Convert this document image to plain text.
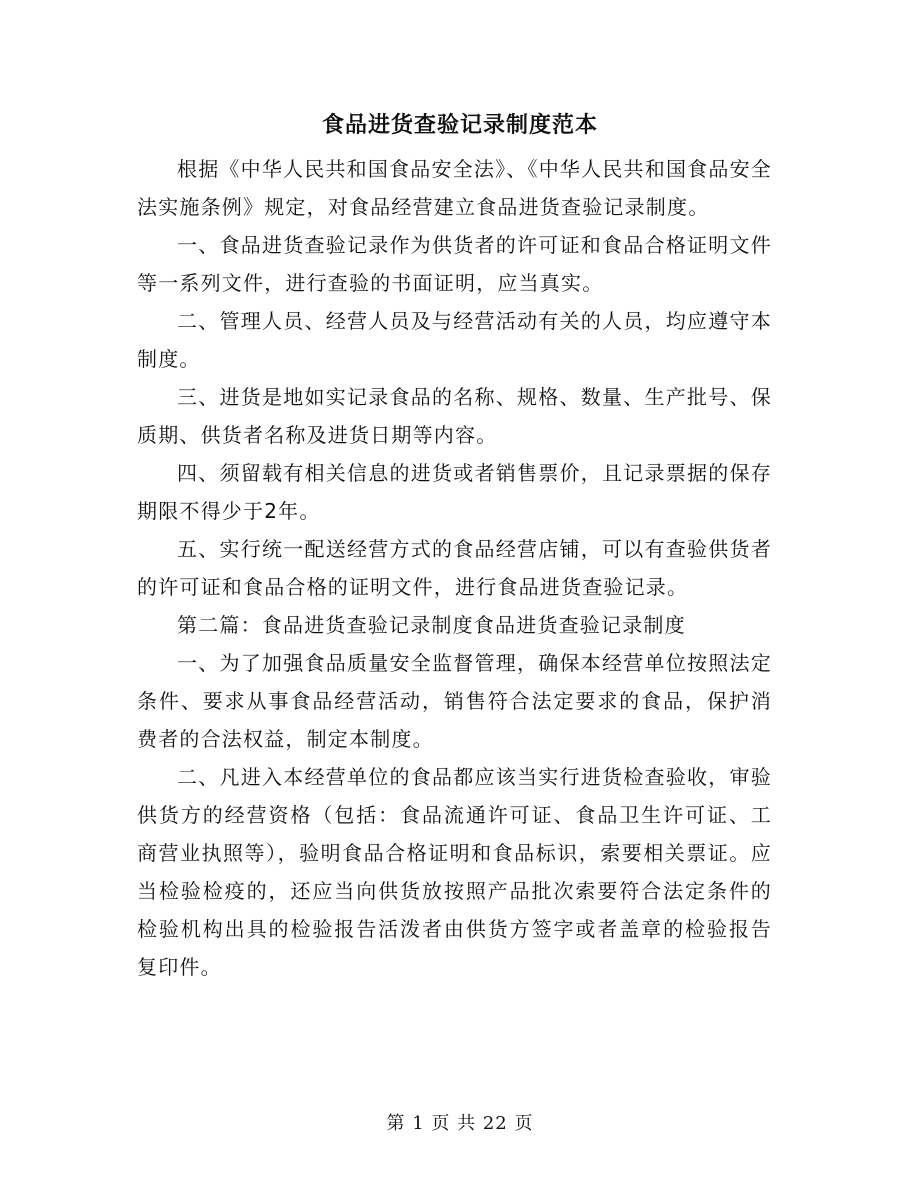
食品进货查验记录制度范本

根据《中华人民共和国食品安全法》、《中华人民共和国食品安全法实施条例》规定，对食品经营建立食品进货查验记录制度。

一、食品进货查验记录作为供货者的许可证和食品合格证明文件等一系列文件，进行查验的书面证明，应当真实。

二、管理人员、经营人员及与经营活动有关的人员，均应遵守本制度。

三、进货是地如实记录食品的名称、规格、数量、生产批号、保质期、供货者名称及进货日期等内容。

四、须留载有相关信息的进货或者销售票价，且记录票据的保存期限不得少于2年。

五、实行统一配送经营方式的食品经营店铺，可以有查验供货者的许可证和食品合格的证明文件，进行食品进货查验记录。

第二篇：食品进货查验记录制度食品进货查验记录制度

一、为了加强食品质量安全监督管理，确保本经营单位按照法定条件、要求从事食品经营活动，销售符合法定要求的食品，保护消费者的合法权益，制定本制度。

二、凡进入本经营单位的食品都应该当实行进货检查验收，审验供货方的经营资格（包括：食品流通许可证、食品卫生许可证、工商营业执照等），验明食品合格证明和食品标识，索要相关票证。应当检验检疫的，还应当向供货放按照产品批次索要符合法定条件的检验机构出具的检验报告活泼者由供货方签字或者盖章的检验报告复印件。

第 1 页 共 22 页
